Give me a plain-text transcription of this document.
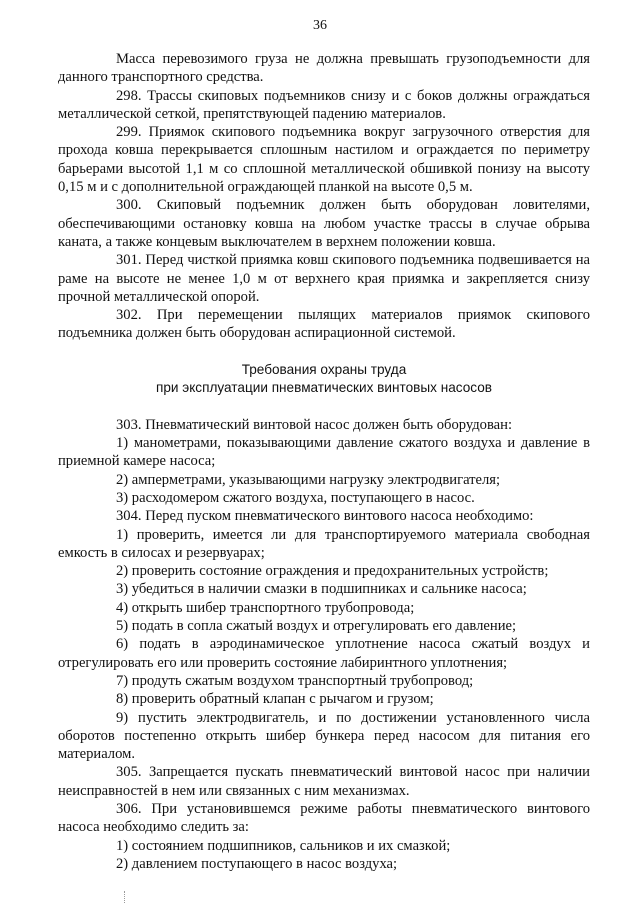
36

Масса перевозимого груза не должна превышать грузоподъемности для данного транспортного средства.

298. Трассы скиповых подъемников снизу и с боков должны ограждаться металлической сеткой, препятствующей падению материалов.

299. Приямок скипового подъемника вокруг загрузочного отверстия для прохода ковша перекрывается сплошным настилом и ограждается по периметру барьерами высотой 1,1 м со сплошной металлической обшивкой понизу на высоту 0,15 м и с дополнительной ограждающей планкой на высоте 0,5 м.

300. Скиповый подъемник должен быть оборудован ловителями, обеспечивающими остановку ковша на любом участке трассы в случае обрыва каната, а также концевым выключателем в верхнем положении ковша.

301. Перед чисткой приямка ковш скипового подъемника подвешивается на раме на высоте не менее 1,0 м от верхнего края приямка и закрепляется снизу прочной металлической опорой.

302. При перемещении пылящих материалов приямок скипового подъемника должен быть оборудован аспирационной системой.

Требования охраны труда
при эксплуатации пневматических винтовых насосов

303. Пневматический винтовой насос должен быть оборудован:

1) манометрами, показывающими давление сжатого воздуха и давление в приемной камере насоса;

2) амперметрами, указывающими нагрузку электродвигателя;

3) расходомером сжатого воздуха, поступающего в насос.

304. Перед пуском пневматического винтового насоса необходимо:

1) проверить, имеется ли для транспортируемого материала свободная емкость в силосах и резервуарах;

2) проверить состояние ограждения и предохранительных устройств;

3) убедиться в наличии смазки в подшипниках и сальнике насоса;

4) открыть шибер транспортного трубопровода;

5) подать в сопла сжатый воздух и отрегулировать его давление;

6) подать в аэродинамическое уплотнение насоса сжатый воздух и отрегулировать его или проверить состояние лабиринтного уплотнения;

7) продуть сжатым воздухом транспортный трубопровод;

8) проверить обратный клапан с рычагом и грузом;

9) пустить электродвигатель, и по достижении установленного числа оборотов постепенно открыть шибер бункера перед насосом для питания его материалом.

305. Запрещается пускать пневматический винтовой насос при наличии неисправностей в нем или связанных с ним механизмах.

306. При установившемся режиме работы пневматического винтового насоса необходимо следить за:

1) состоянием подшипников, сальников и их смазкой;

2) давлением поступающего в насос воздуха;
